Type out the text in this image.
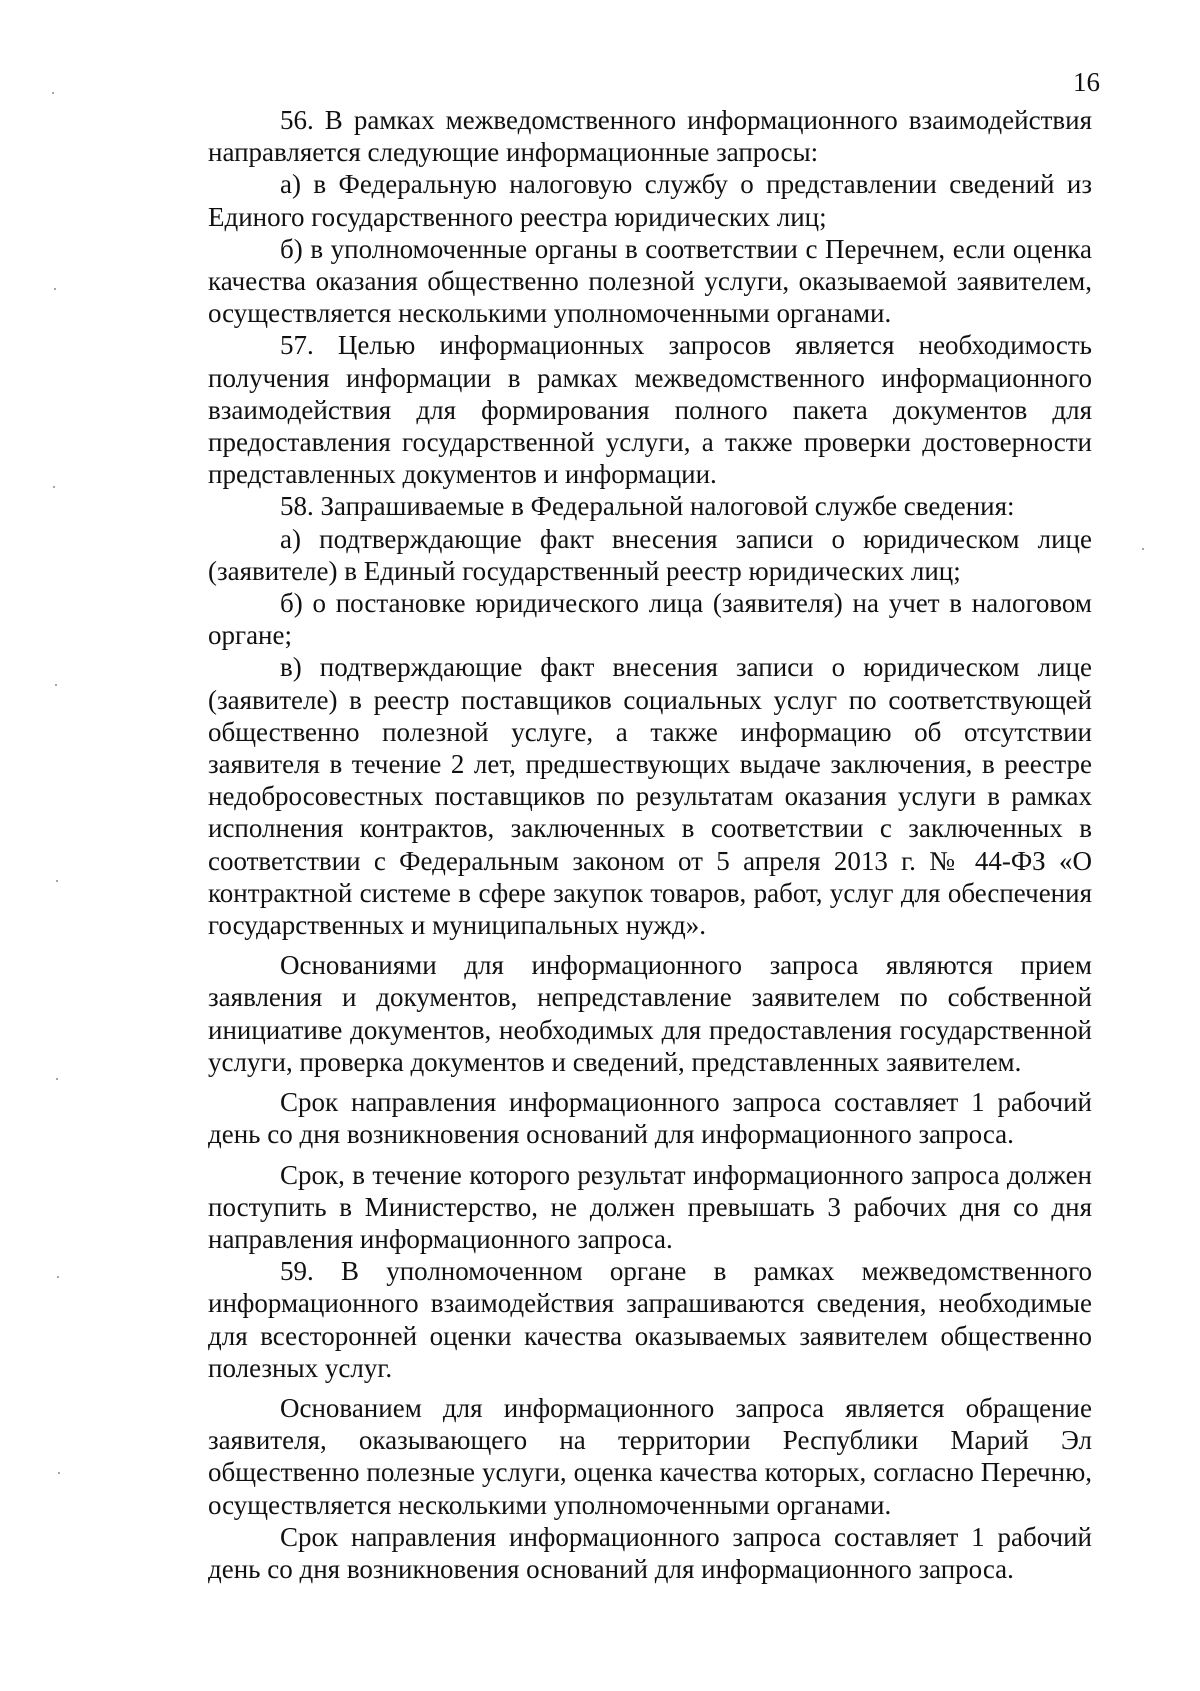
16

56. В рамках межведомственного информационного взаимодействия направляется следующие информационные запросы:

а) в Федеральную налоговую службу о представлении сведений из Единого государственного реестра юридических лиц;

б) в уполномоченные органы в соответствии с Перечнем, если оценка качества оказания общественно полезной услуги, оказываемой заявителем, осуществляется несколькими уполномоченными органами.

57. Целью информационных запросов является необходимость получения информации в рамках межведомственного информационного взаимодействия для формирования полного пакета документов для предоставления государственной услуги, а также проверки достоверности представленных документов и информации.

58. Запрашиваемые в Федеральной налоговой службе сведения:

а) подтверждающие факт внесения записи о юридическом лице (заявителе) в Единый государственный реестр юридических лиц;

б) о постановке юридического лица (заявителя) на учет в налоговом органе;

в) подтверждающие факт внесения записи о юридическом лице (заявителе) в реестр поставщиков социальных услуг по соответствующей общественно полезной услуге, а также информацию об отсутствии заявителя в течение 2 лет, предшествующих выдаче заключения, в реестре недобросовестных поставщиков по результатам оказания услуги в рамках исполнения контрактов, заключенных в соответствии с заключенных в соответствии с Федеральным законом от 5 апреля 2013 г. № 44-ФЗ «О контрактной системе в сфере закупок товаров, работ, услуг для обеспечения государственных и муниципальных нужд».

Основаниями для информационного запроса являются прием заявления и документов, непредставление заявителем по собственной инициативе документов, необходимых для предоставления государственной услуги, проверка документов и сведений, представленных заявителем.

Срок направления информационного запроса составляет 1 рабочий день со дня возникновения оснований для информационного запроса.

Срок, в течение которого результат информационного запроса должен поступить в Министерство, не должен превышать 3 рабочих дня со дня направления информационного запроса.

59. В уполномоченном органе в рамках межведомственного информационного взаимодействия запрашиваются сведения, необходимые для всесторонней оценки качества оказываемых заявителем общественно полезных услуг.

Основанием для информационного запроса является обращение заявителя, оказывающего на территории Республики Марий Эл общественно полезные услуги, оценка качества которых, согласно Перечню, осуществляется несколькими уполномоченными органами.

Срок направления информационного запроса составляет 1 рабочий день со дня возникновения оснований для информационного запроса.
